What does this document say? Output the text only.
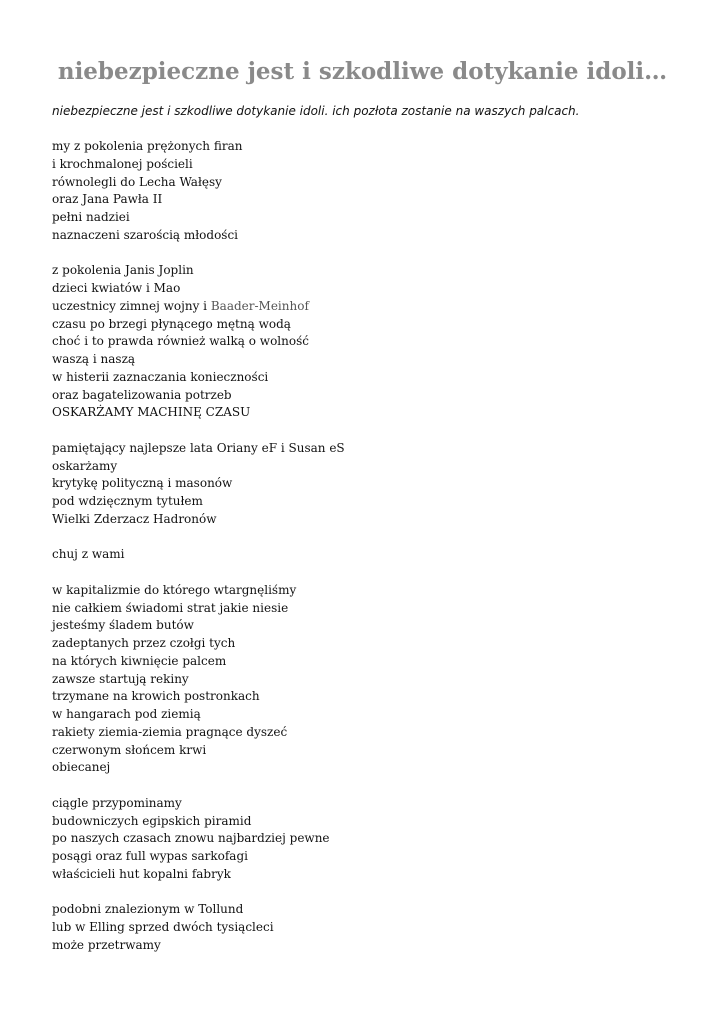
niebezpieczne jest i szkodliwe dotykanie idoli…

niebezpieczne jest i szkodliwe dotykanie idoli. ich pozłota zostanie na waszych palcach.

my z pokolenia prężonych firan
i krochmalonej pościeli
równolegli do Lecha Wałęsy
oraz Jana Pawła II
pełni nadziei
naznaczeni szarością młodości
z pokolenia Janis Joplin
dzieci kwiatów i Mao
uczestnicy zimnej wojny i Baader-Meinhof
czasu po brzegi płynącego mętną wodą
choć i to prawda również walką o wolność
waszą i naszą
w histerii zaznaczania konieczności
oraz bagatelizowania potrzeb
OSKARŻAMY MACHINĘ CZASU
pamiętający najlepsze lata Oriany eF i Susan eS
oskarżamy
krytykę polityczną i masonów
pod wdzięcznym tytułem
Wielki Zderzacz Hadronów
chuj z wami
w kapitalizmie do którego wtargnęliśmy
nie całkiem świadomi strat jakie niesie
jesteśmy śladem butów
zadeptanych przez czołgi tych
na których kiwnięcie palcem
zawsze startują rekiny
trzymane na krowich postronkach
w hangarach pod ziemią
rakiety ziemia-ziemia pragnące dyszeć
czerwonym słońcem krwi
obiecanej
ciągle przypominamy
budowniczych egipskich piramid
po naszych czasach znowu najbardziej pewne
posągi oraz full wypas sarkofagi
właścicieli hut kopalni fabryk
podobni znalezionym w Tollund
lub w Elling sprzed dwóch tysiącleci
może przetrwamy
